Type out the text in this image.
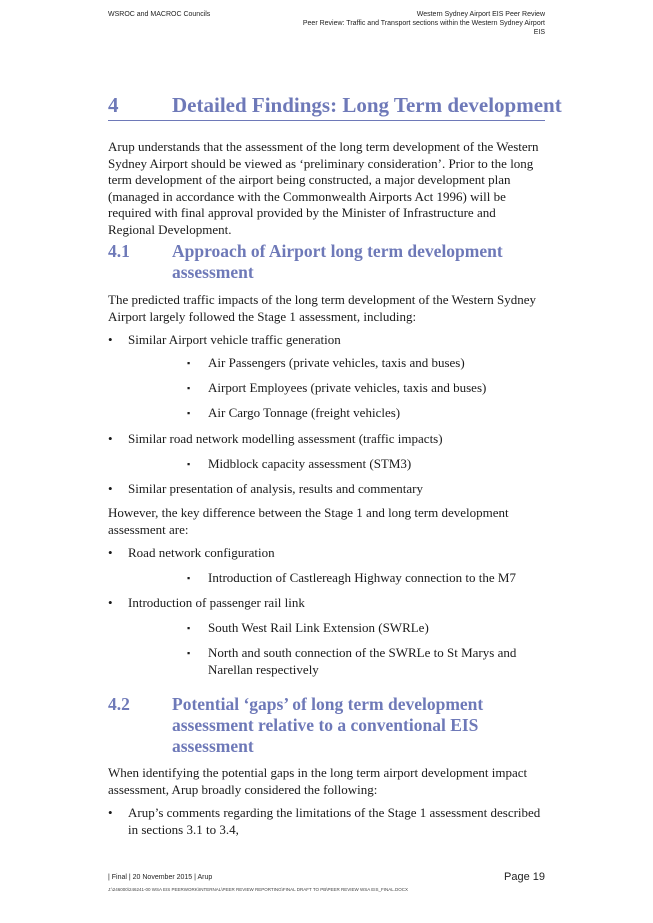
WSROC and MACROC Councils	Western Sydney Airport EIS Peer Review
Peer Review: Traffic and Transport sections within the Western Sydney Airport
EIS
4	Detailed Findings: Long Term development
Arup understands that the assessment of the long term development of the Western Sydney Airport should be viewed as ‘preliminary consideration’. Prior to the long term development of the airport being constructed, a major development plan (managed in accordance with the Commonwealth Airports Act 1996) will be required with final approval provided by the Minister of Infrastructure and Regional Development.
4.1 Approach of Airport long term development assessment
The predicted traffic impacts of the long term development of the Western Sydney Airport largely followed the Stage 1 assessment, including:
• Similar Airport vehicle traffic generation
▪ Air Passengers (private vehicles, taxis and buses)
▪ Airport Employees (private vehicles, taxis and buses)
▪ Air Cargo Tonnage (freight vehicles)
• Similar road network modelling assessment (traffic impacts)
▪ Midblock capacity assessment (STM3)
• Similar presentation of analysis, results and commentary
However, the key difference between the Stage 1 and long term development assessment are:
• Road network configuration
▪ Introduction of Castlereagh Highway connection to the M7
• Introduction of passenger rail link
▪ South West Rail Link Extension (SWRLe)
▪ North and south connection of the SWRLe to St Marys and Narellan respectively
4.2 Potential ‘gaps’ of long term development assessment relative to a conventional EIS assessment
When identifying the potential gaps in the long term airport development impact assessment, Arup broadly considered the following:
• Arup’s comments regarding the limitations of the Stage 1 assessment described in sections 3.1 to 3.4,
| Final | 20 November 2015 | Arup	Page 19
J:\246000\246241-00 WSA EIS PEERWORK\INTERNAL\PEER REVIEW REPORTING\FINAL DRAFT TO PB\PEER REVIEW WSA EIS_FINAL.DOCX
